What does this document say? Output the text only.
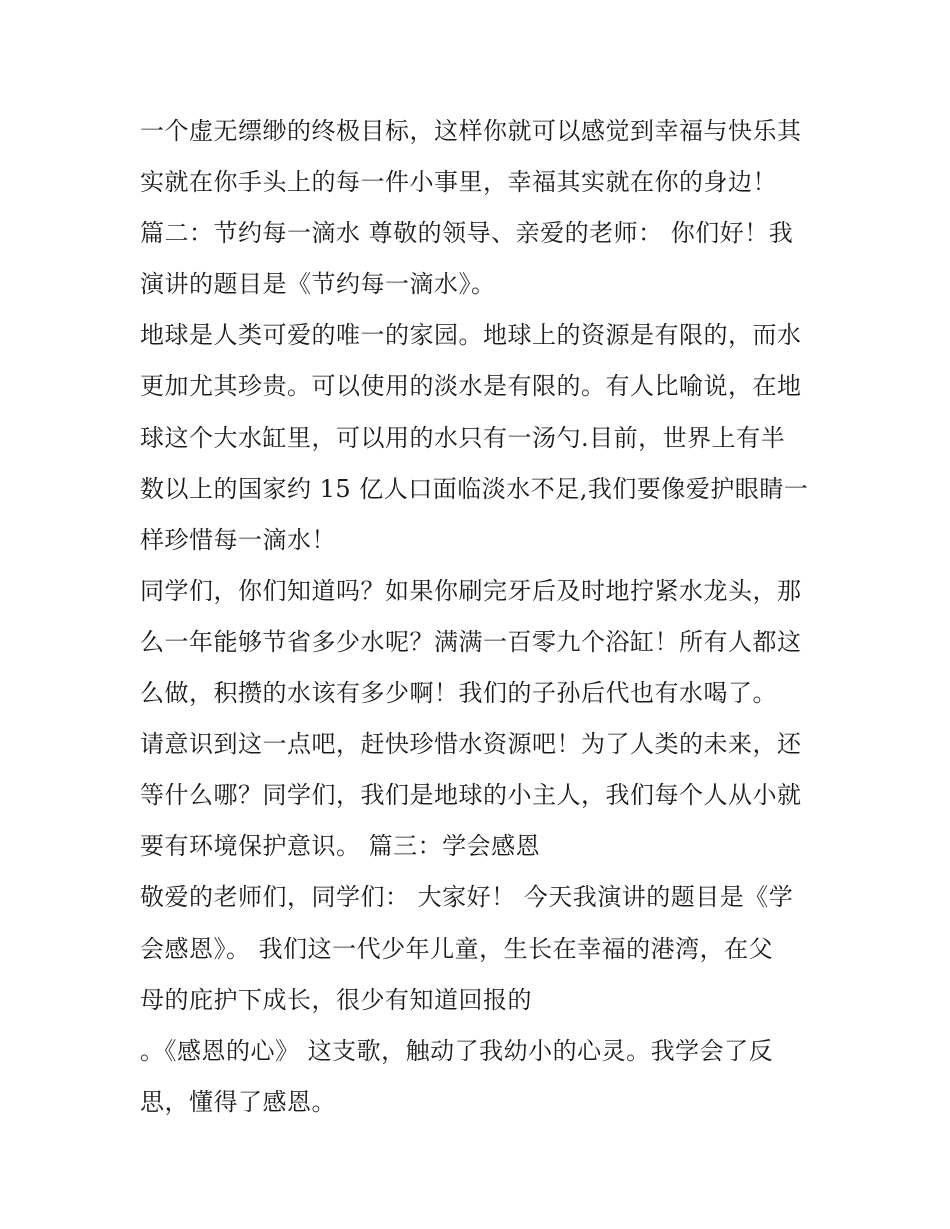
一个虚无缥缈的终极目标，这样你就可以感觉到幸福与快乐其
实就在你手头上的每一件小事里，幸福其实就在你的身边！
篇二：节约每一滴水 尊敬的领导、亲爱的老师： 你们好！我
演讲的题目是《节约每一滴水》。
地球是人类可爱的唯一的家园。地球上的资源是有限的，而水
更加尤其珍贵。可以使用的淡水是有限的。有人比喻说，在地
球这个大水缸里，可以用的水只有一汤勺.目前，世界上有半
数以上的国家约 15 亿人口面临淡水不足,我们要像爱护眼睛一
样珍惜每一滴水！
同学们，你们知道吗？如果你刷完牙后及时地拧紧水龙头，那
么一年能够节省多少水呢？满满一百零九个浴缸！所有人都这
么做，积攒的水该有多少啊！我们的子孙后代也有水喝了。
请意识到这一点吧，赶快珍惜水资源吧！为了人类的未来，还
等什么哪？同学们，我们是地球的小主人，我们每个人从小就
要有环境保护意识。 篇三：学会感恩
敬爱的老师们，同学们： 大家好！ 今天我演讲的题目是《学
会感恩》。 我们这一代少年儿童，生长在幸福的港湾，在父
母的庇护下成长，很少有知道回报的
。《感恩的心》 这支歌，触动了我幼小的心灵。我学会了反
思，懂得了感恩。
